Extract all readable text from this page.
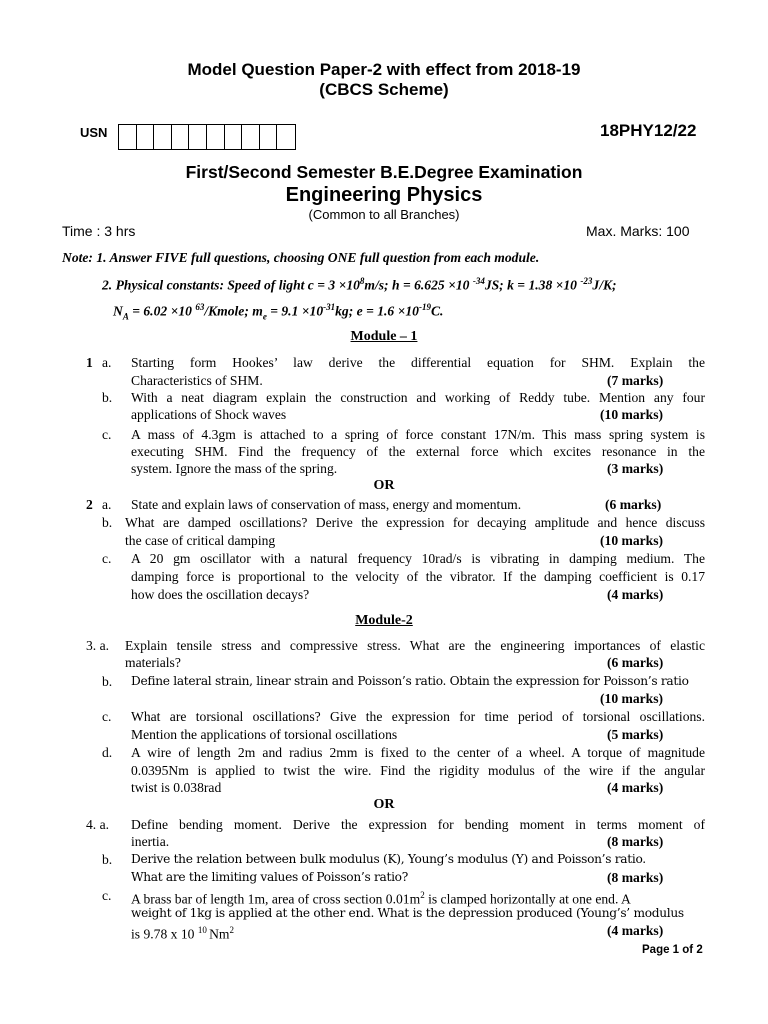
Model Question Paper-2 with effect from 2018-19
(CBCS Scheme)
USN	18PHY12/22
First/Second Semester B.E.Degree Examination
Engineering Physics
(Common to all Branches)
Time : 3 hrs	Max. Marks: 100
Note: 1. Answer FIVE full questions, choosing ONE full question from each module.
2. Physical constants: Speed of light $c = 3 \times 10^8m/s$; h = 6.625 ×10 $^{-34}$JS; k = 1.38 ×10 $^{-23}$J/K;
$N_A = 6.02 \times 10$ $^{63}$/Kmole; $m_e = 9.1 \times 10^{-31}kg$; $e = 1.6 \times 10^{-19}C$.
Module – 1
1 a. Starting form Hookes’ law derive the differential equation for SHM. Explain the
Characteristics of SHM.	(7 marks)
b. With a neat diagram explain the construction and working of Reddy tube. Mention any four
applications of Shock waves	(10 marks)
c. A mass of 4.3gm is attached to a spring of force constant 17N/m. This mass spring system is
executing SHM. Find the frequency of the external force which excites resonance in the
system. Ignore the mass of the spring.	(3 marks)
OR
2 a. State and explain laws of conservation of mass, energy and momentum.	(6 marks)
b. What are damped oscillations? Derive the expression for decaying amplitude and hence discuss
the case of critical damping	(10 marks)
c. A 20 gm oscillator with a natural frequency 10rad/s is vibrating in damping medium. The
damping force is proportional to the velocity of the vibrator. If the damping coefficient is 0.17
how does the oscillation decays?	(4 marks)
Module-2
3. a. Explain tensile stress and compressive stress. What are the engineering importances of elastic
materials?	(6 marks)
b. Define lateral strain, linear strain and Poisson’s ratio. Obtain the expression for Poisson’s ratio
(10 marks)
c. What are torsional oscillations? Give the expression for time period of torsional oscillations.
Mention the applications of torsional oscillations	(5 marks)
d. A wire of length 2m and radius 2mm is fixed to the center of a wheel. A torque of magnitude
0.0395Nm is applied to twist the wire. Find the rigidity modulus of the wire if the angular
twist is 0.038rad	(4 marks)
OR
4. a. Define bending moment. Derive the expression for bending moment in terms moment of
inertia.	(8 marks)
b. Derive the relation between bulk modulus (K), Young’s modulus (Y) and Poisson’s ratio.
What are the limiting values of Poisson’s ratio?	(8 marks)
c. A brass bar of length 1m, area of cross section $0.01m^2$ is clamped horizontally at one end. A
weight of 1kg is applied at the other end. What is the depression produced (Young’s’ modulus
is 9.78 x 10 $^{10}$ Nm$^2$	(4 marks)
Page 1 of 2
